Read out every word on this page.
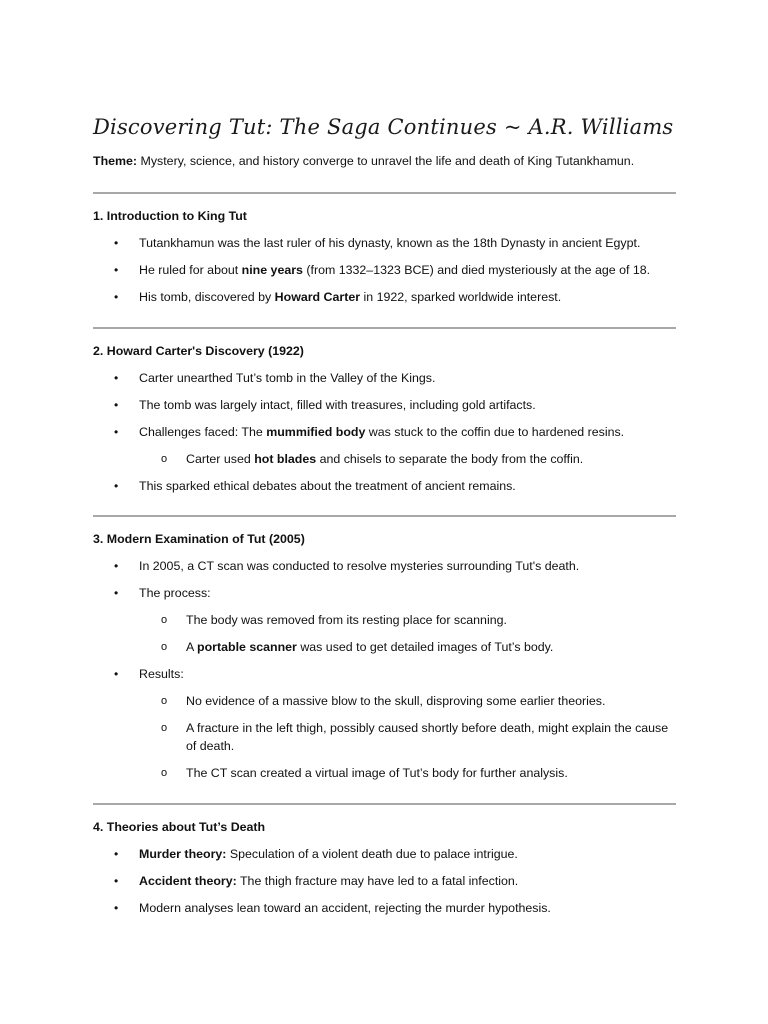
Discovering Tut: The Saga Continues ~ A.R. Williams

Theme: Mystery, science, and history converge to unravel the life and death of King Tutankhamun.

1. Introduction to King Tut

• Tutankhamun was the last ruler of his dynasty, known as the 18th Dynasty in ancient Egypt.
• He ruled for about nine years (from 1332–1323 BCE) and died mysteriously at the age of 18.
• His tomb, discovered by Howard Carter in 1922, sparked worldwide interest.

2. Howard Carter's Discovery (1922)

• Carter unearthed Tut’s tomb in the Valley of the Kings.
• The tomb was largely intact, filled with treasures, including gold artifacts.
• Challenges faced: The mummified body was stuck to the coffin due to hardened resins.
o Carter used hot blades and chisels to separate the body from the coffin.
• This sparked ethical debates about the treatment of ancient remains.

3. Modern Examination of Tut (2005)

• In 2005, a CT scan was conducted to resolve mysteries surrounding Tut's death.
• The process:
o The body was removed from its resting place for scanning.
o A portable scanner was used to get detailed images of Tut’s body.
• Results:
o No evidence of a massive blow to the skull, disproving some earlier theories.
o A fracture in the left thigh, possibly caused shortly before death, might explain the cause of death.
o The CT scan created a virtual image of Tut’s body for further analysis.

4. Theories about Tut’s Death

• Murder theory: Speculation of a violent death due to palace intrigue.
• Accident theory: The thigh fracture may have led to a fatal infection.
• Modern analyses lean toward an accident, rejecting the murder hypothesis.
